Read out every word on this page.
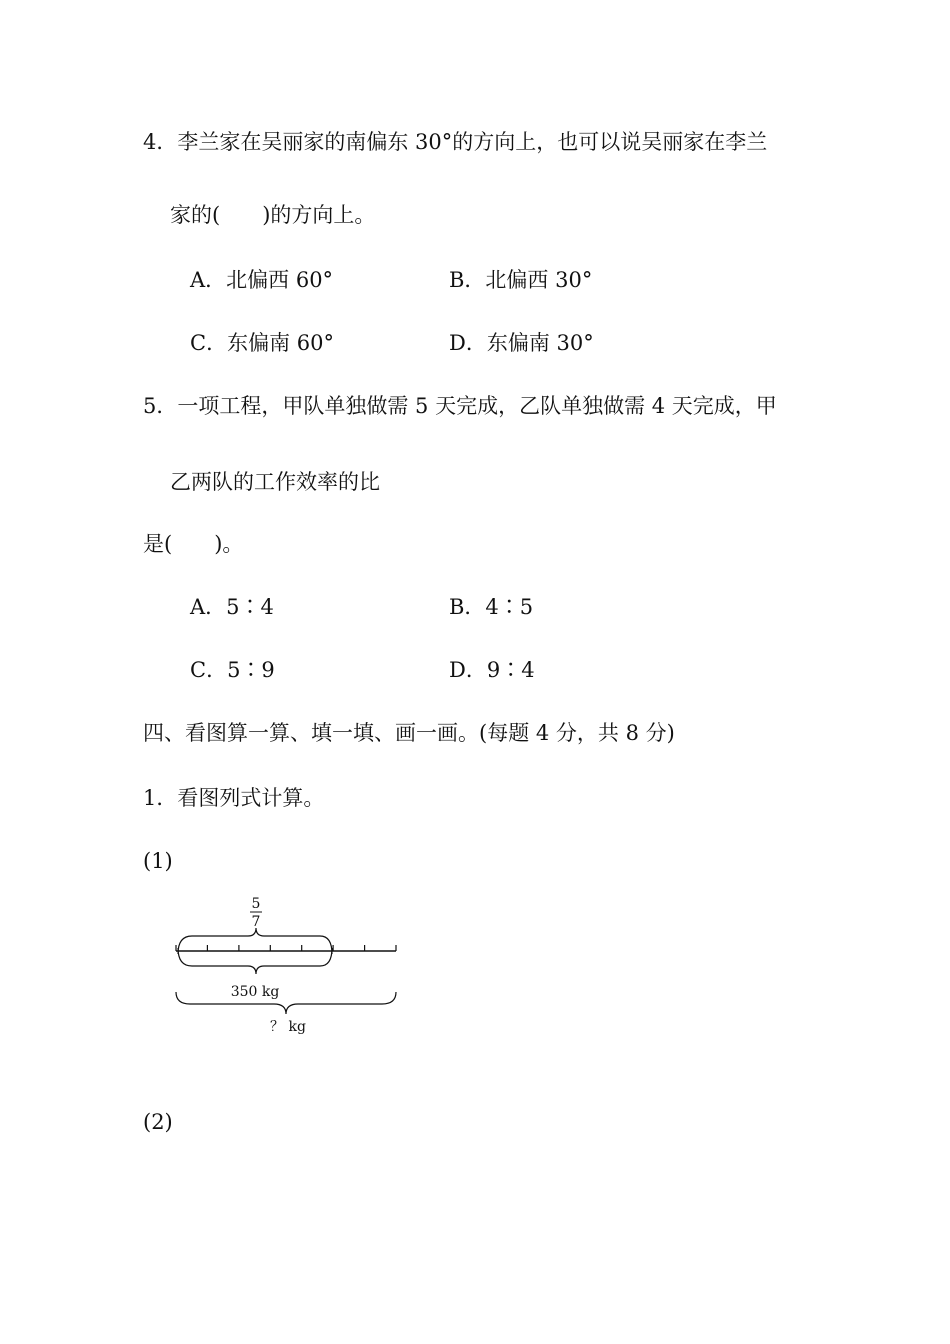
4．李兰家在吴丽家的南偏东 30°的方向上，也可以说吴丽家在李兰
家的(　　)的方向上。
A．北偏西 60°	B．北偏西 30°
C．东偏南 60°	D．东偏南 30°
5．一项工程，甲队单独做需 5 天完成，乙队单独做需 4 天完成，甲
乙两队的工作效率的比
是(　　)。
A．5∶4	B．4∶5
C．5∶9	D．9∶4
四、看图算一算、填一填、画一画。(每题 4 分，共 8 分)
1．看图列式计算。
(1)
5
7
350 kg
？ kg
(2)
